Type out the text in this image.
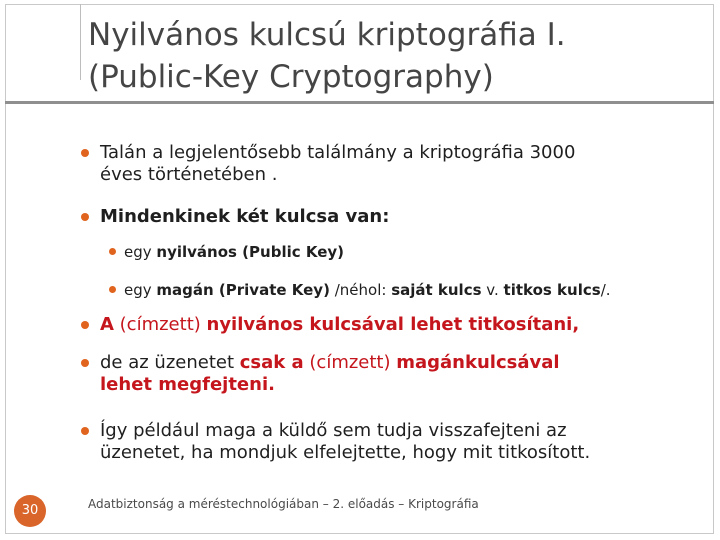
Nyilvános kulcsú kriptográfia I.
(Public-Key Cryptography)
Talán a legjelentősebb találmány a kriptográfia 3000
éves történetében .
Mindenkinek két kulcsa van:
egy nyilvános (Public Key)
egy magán (Private Key) /néhol: saját kulcs v. titkos kulcs/.
A (címzett) nyilvános kulcsával lehet titkosítani,
de az üzenetet csak a (címzett) magánkulcsával
lehet megfejteni.
Így például maga a küldő sem tudja visszafejteni az
üzenetet, ha mondjuk elfelejtette, hogy mit titkosított.
30	Adatbiztonság a méréstechnológiában – 2. előadás – Kriptográfia
